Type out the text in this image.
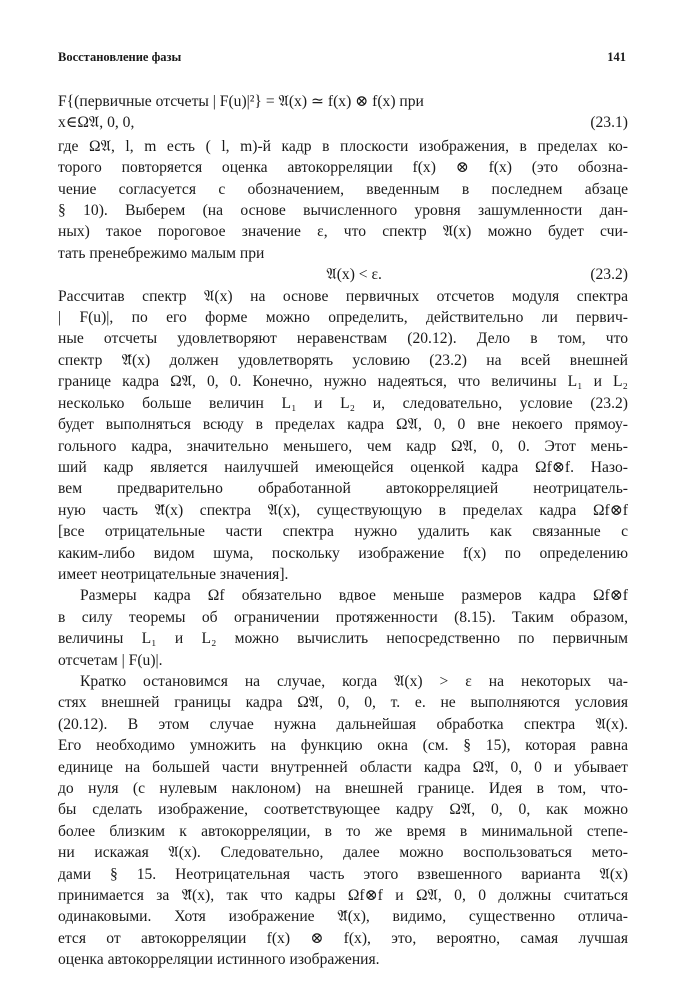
Восстановление фазы	141
F{(первичные отсчеты | F(u)|²} = 𝔄(x) ≃ f(x) ⊗ f(x) при
x∈Ω𝔄, 0, 0,	(23.1)
где Ω𝔄, l, m есть ( l, m)-й кадр в плоскости изображения, в пределах ко-
торого повторяется оценка автокорреляции f(x) ⊗ f(x) (это обозна-
чение согласуется с обозначением, введенным в последнем абзаце
§ 10). Выберем (на основе вычисленного уровня зашумленности дан-
ных) такое пороговое значение ε, что спектр 𝔄(x) можно будет счи-
тать пренебрежимо малым при
𝔄(x) < ε.	(23.2)
Рассчитав спектр 𝔄(x) на основе первичных отсчетов модуля спектра
| F(u)|, по его форме можно определить, действительно ли первич-
ные отсчеты удовлетворяют неравенствам (20.12). Дело в том, что
спектр 𝔄̂(x) должен удовлетворять условию (23.2) на всей внешней
границе кадра Ω𝔄, 0, 0. Конечно, нужно надеяться, что величины L₁ и L₂
несколько больше величин L₁ и L₂ и, следовательно, условие (23.2)
будет выполняться всюду в пределах кадра Ω𝔄, 0, 0 вне некоего прямоу-
гольного кадра, значительно меньшего, чем кадр Ω𝔄, 0, 0. Этот мень-
ший кадр является наилучшей имеющейся оценкой кадра Ωf⊗f. Назо-
вем предварительно обработанной автокорреляцией неотрицатель-
ную часть 𝔄̂(x) спектра 𝔄(x), существующую в пределах кадра Ωf⊗f
[все отрицательные части спектра нужно удалить как связанные с
каким-либо видом шума, поскольку изображение f(x) по определению
имеет неотрицательные значения].
Размеры кадра Ωf обязательно вдвое меньше размеров кадра Ωf⊗f
в силу теоремы об ограничении протяженности (8.15). Таким образом,
величины L₁ и L₂ можно вычислить непосредственно по первичным
отсчетам | F(u)|.
Кратко остановимся на случае, когда 𝔄(x) > ε на некоторых ча-
стях внешней границы кадра Ω𝔄, 0, 0, т. е. не выполняются условия
(20.12). В этом случае нужна дальнейшая обработка спектра 𝔄(x).
Его необходимо умножить на функцию окна (см. § 15), которая равна
единице на большей части внутренней области кадра Ω𝔄, 0, 0 и убывает
до нуля (с нулевым наклоном) на внешней границе. Идея в том, что-
бы сделать изображение, соответствующее кадру Ω𝔄, 0, 0, как можно
более близким к автокорреляции, в то же время в минимальной степе-
ни искажая 𝔄(x). Следовательно, далее можно воспользоваться мето-
дами § 15. Неотрицательная часть этого взвешенного варианта 𝔄(x)
принимается за 𝔄̂(x), так что кадры Ωf⊗f и Ω𝔄, 0, 0 должны считаться
одинаковыми. Хотя изображение 𝔄̂(x), видимо, существенно отлича-
ется от автокорреляции f(x) ⊗ f(x), это, вероятно, самая лучшая
оценка автокорреляции истинного изображения.
